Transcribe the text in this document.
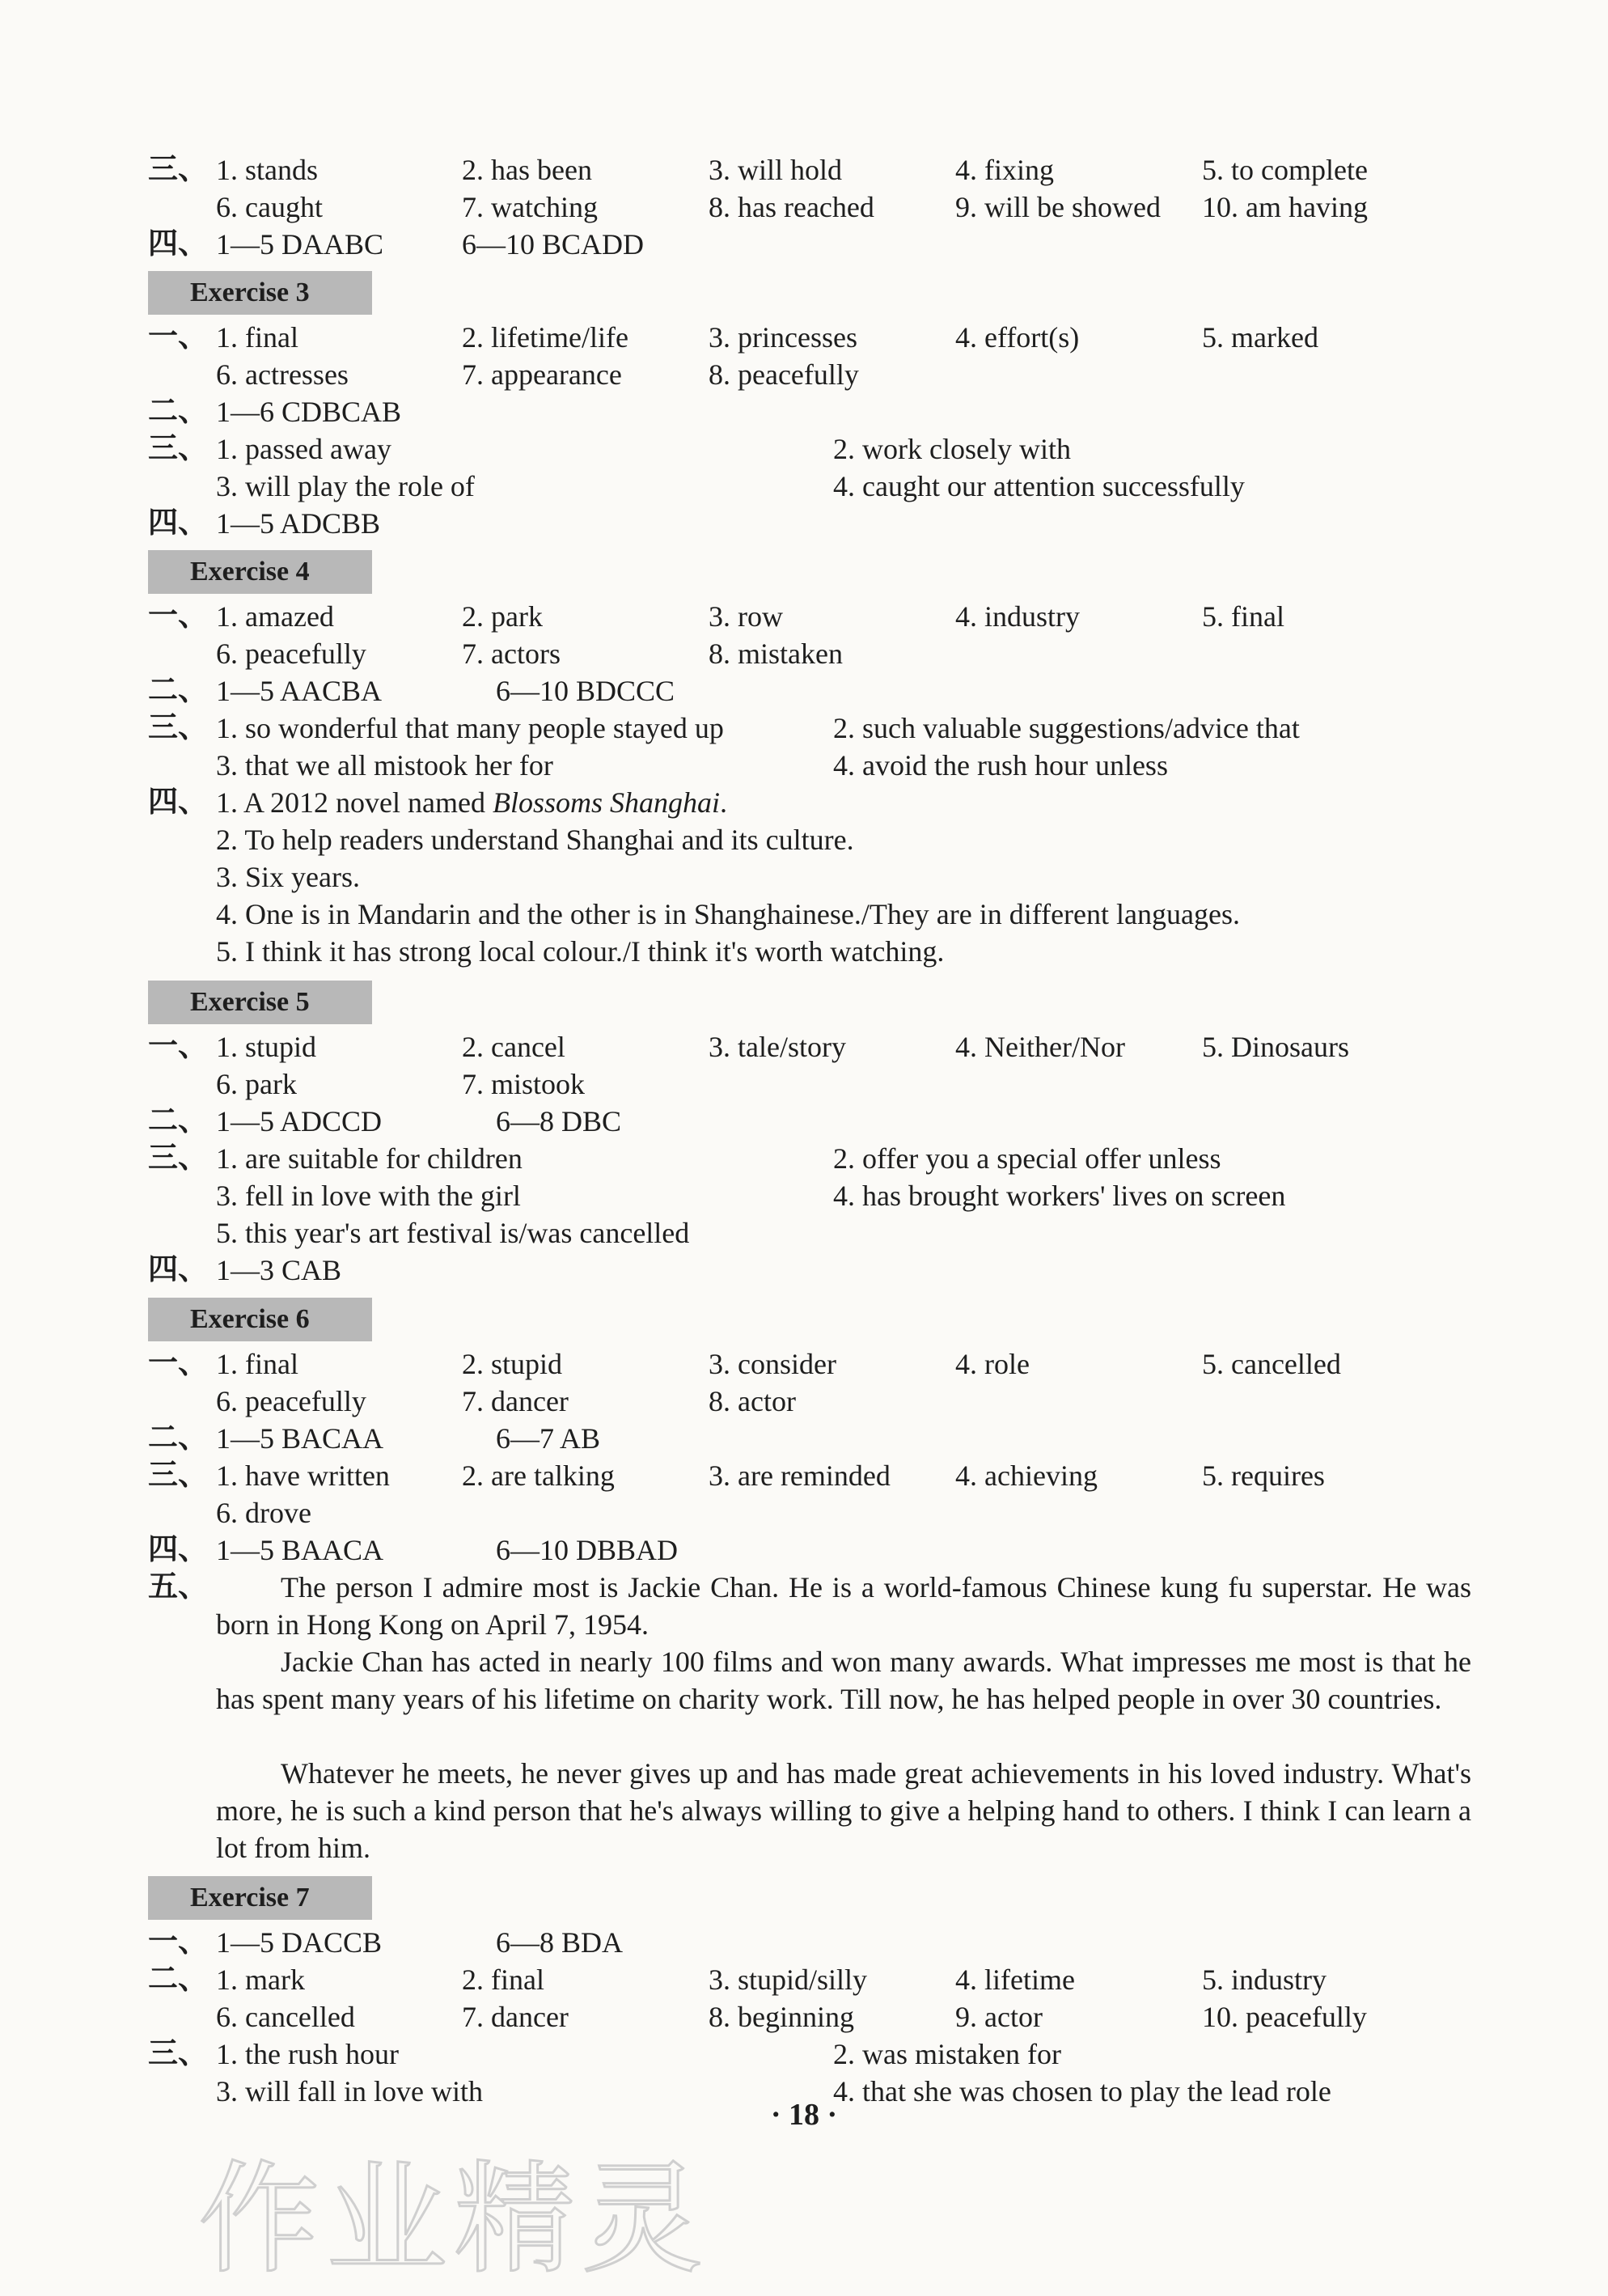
三、 1. stands	2. has been	3. will hold	4. fixing	5. to complete
6. caught	7. watching	8. has reached	9. will be showed 10. am having
四、 1—5 DAABC	6—10 BCADD
Exercise 3
一、 1. final	2. lifetime/life	3. princesses	4. effort(s)	5. marked
6. actresses	7. appearance	8. peacefully
二、 1—6 CDBCAB
三、 1. passed away	2. work closely with
3. will play the role of	4. caught our attention successfully
四、 1—5 ADCBB
Exercise 4
一、 1. amazed	2. park	3. row	4. industry	5. final
6. peacefully	7. actors	8. mistaken
二、 1—5 AACBA	6—10 BDCCC
三、 1. so wonderful that many people stayed up	2. such valuable suggestions/advice that
3. that we all mistook her for	4. avoid the rush hour unless
四、 1. A 2012 novel named Blossoms Shanghai.
2. To help readers understand Shanghai and its culture.
3. Six years.
4. One is in Mandarin and the other is in Shanghainese./They are in different languages.
5. I think it has strong local colour./I think it's worth watching.
Exercise 5
一、 1. stupid	2. cancel	3. tale/story	4. Neither/Nor	5. Dinosaurs
6. park	7. mistook
二、 1—5 ADCCD	6—8 DBC
三、 1. are suitable for children	2. offer you a special offer unless
3. fell in love with the girl	4. has brought workers' lives on screen
5. this year's art festival is/was cancelled
四、 1—3 CAB
Exercise 6
一、 1. final	2. stupid	3. consider	4. role	5. cancelled
6. peacefully	7. dancer	8. actor
二、 1—5 BACAA	6—7 AB
三、 1. have written 2. are talking	3. are reminded 4. achieving	5. requires
6. drove
四、 1—5 BAACA	6—10 DBBAD
五、	The person I admire most is Jackie Chan. He is a world-famous Chinese kung fu superstar. He was born in Hong Kong on April 7, 1954.
Jackie Chan has acted in nearly 100 films and won many awards. What impresses me most is that he has spent many years of his lifetime on charity work. Till now, he has helped people in over 30 countries.
Whatever he meets, he never gives up and has made great achievements in his loved industry. What's more, he is such a kind person that he's always willing to give a helping hand to others. I think I can learn a lot from him.
Exercise 7
一、 1—5 DACCB	6—8 BDA
二、 1. mark	2. final	3. stupid/silly	4. lifetime	5. industry
6. cancelled	7. dancer	8. beginning	9. actor	10. peacefully
三、 1. the rush hour	2. was mistaken for
3. will fall in love with	4. that she was chosen to play the lead role
· 18 ·
作业精灵
